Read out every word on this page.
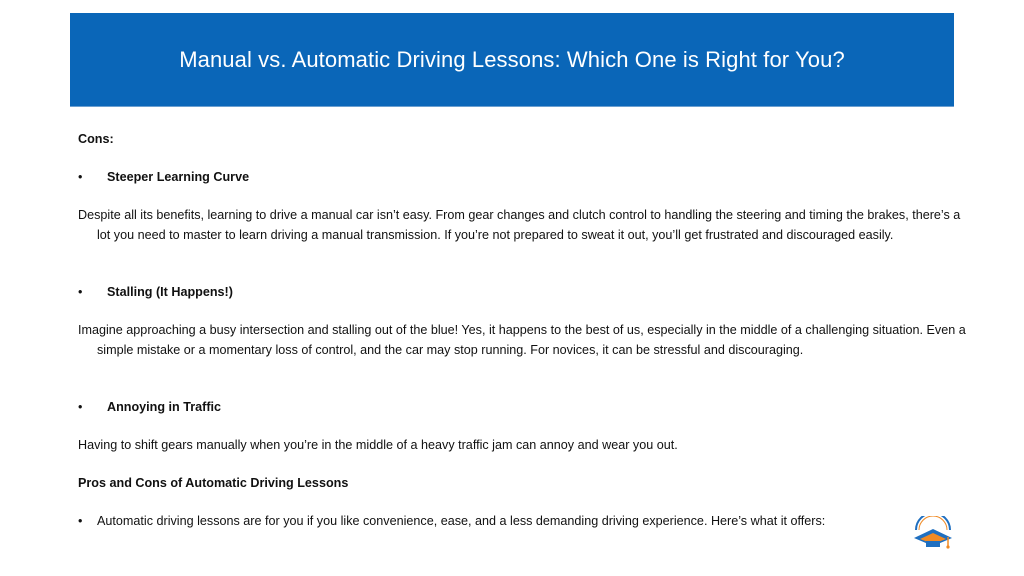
Manual vs. Automatic Driving Lessons: Which One is Right for You?
Cons:
• Steeper Learning Curve
Despite all its benefits, learning to drive a manual car isn’t easy. From gear changes and clutch control to handling the steering and timing the brakes, there’s a lot you need to master to learn driving a manual transmission. If you’re not prepared to sweat it out, you’ll get frustrated and discouraged easily.
• Stalling (It Happens!)
Imagine approaching a busy intersection and stalling out of the blue! Yes, it happens to the best of us, especially in the middle of a challenging situation. Even a simple mistake or a momentary loss of control, and the car may stop running. For novices, it can be stressful and discouraging.
• Annoying in Traffic
Having to shift gears manually when you’re in the middle of a heavy traffic jam can annoy and wear you out.
Pros and Cons of Automatic Driving Lessons
• Automatic driving lessons are for you if you like convenience, ease, and a less demanding driving experience. Here’s what it offers:
